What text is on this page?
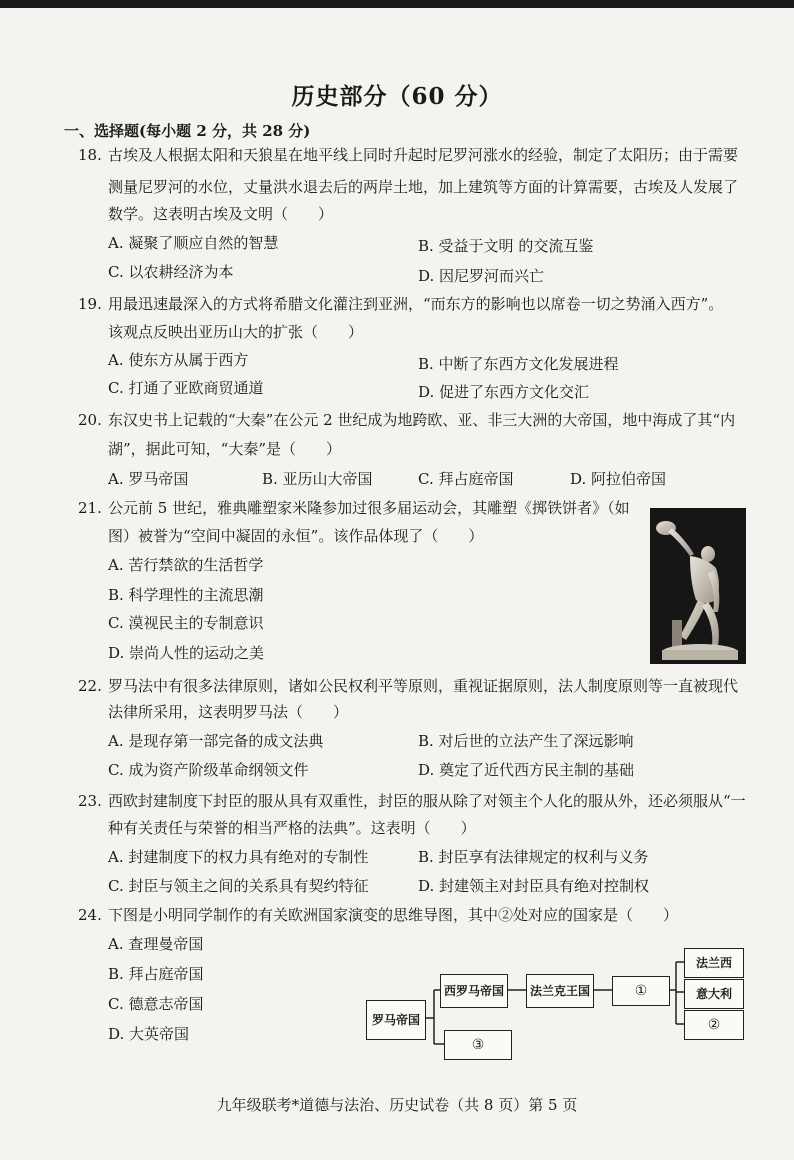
历史部分（60 分）
一、选择题(每小题 2 分，共 28 分)
18. 古埃及人根据太阳和天狼星在地平线上同时升起时尼罗河涨水的经验，制定了太阳历；由于需要
测量尼罗河的水位，丈量洪水退去后的两岸土地，加上建筑等方面的计算需要，古埃及人发展了
数学。这表明古埃及文明（　　）
A. 凝聚了顺应自然的智慧	B. 受益于文明 的交流互鉴
C. 以农耕经济为本	D. 因尼罗河而兴亡
19. 用最迅速最深入的方式将希腊文化灌注到亚洲，“而东方的影响也以席卷一切之势涌入西方”。
该观点反映出亚历山大的扩张（　　）
A. 使东方从属于西方	B. 中断了东西方文化发展进程
C. 打通了亚欧商贸通道	D. 促进了东西方文化交汇
20. 东汉史书上记载的“大秦”在公元 2 世纪成为地跨欧、亚、非三大洲的大帝国，地中海成了其“内
湖”，据此可知，“大秦”是（　　）
A. 罗马帝国	B. 亚历山大帝国	C. 拜占庭帝国	D. 阿拉伯帝国
21. 公元前 5 世纪，雅典雕塑家米隆参加过很多届运动会，其雕塑《掷铁饼者》（如
图）被誉为“空间中凝固的永恒”。该作品体现了（　　）
A. 苦行禁欲的生活哲学
B. 科学理性的主流思潮
C. 漠视民主的专制意识
D. 崇尚人性的运动之美
22. 罗马法中有很多法律原则，诸如公民权利平等原则，重视证据原则，法人制度原则等一直被现代
法律所采用，这表明罗马法（　　）
A. 是现存第一部完备的成文法典	B. 对后世的立法产生了深远影响
C. 成为资产阶级革命纲领文件	D. 奠定了近代西方民主制的基础
23. 西欧封建制度下封臣的服从具有双重性，封臣的服从除了对领主个人化的服从外，还必须服从“一
种有关责任与荣誉的相当严格的法典”。这表明（　　）
A. 封建制度下的权力具有绝对的专制性	B. 封臣享有法律规定的权利与义务
C. 封臣与领主之间的关系具有契约特征	D. 封建领主对封臣具有绝对控制权
24. 下图是小明同学制作的有关欧洲国家演变的思维导图，其中②处对应的国家是（　　）
A. 查理曼帝国
B. 拜占庭帝国
C. 德意志帝国
D. 大英帝国
罗马帝国
西罗马帝国
③
法兰克王国	①
法兰西
意大利
②
九年级联考*道德与法治、历史试卷（共 8 页）第 5 页
